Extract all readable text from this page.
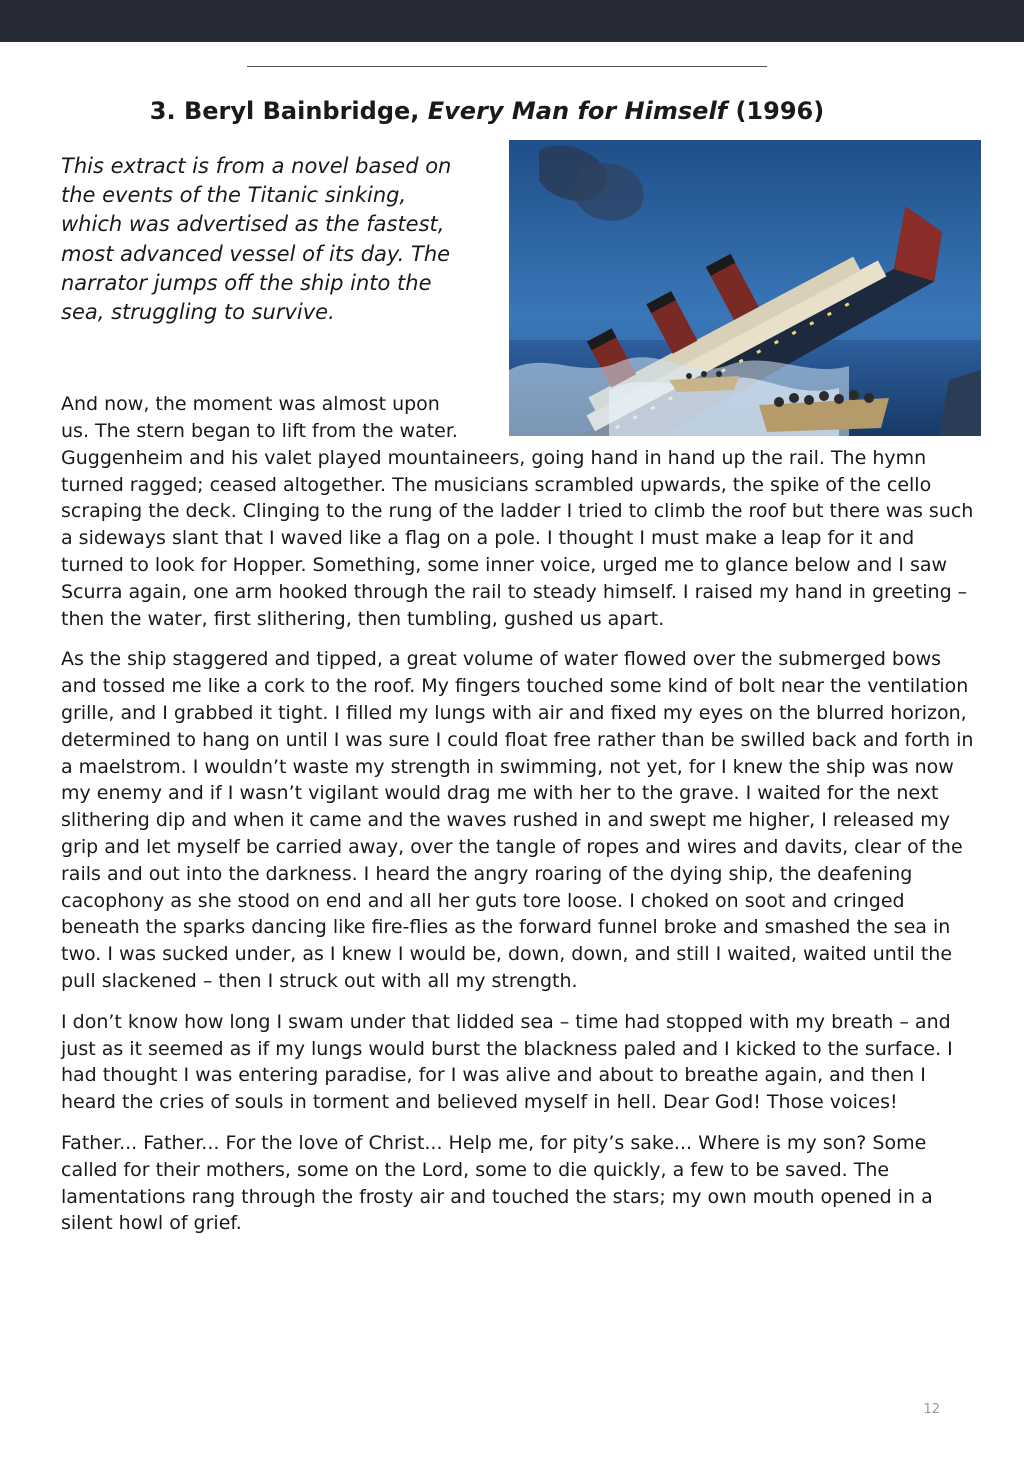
3. Beryl Bainbridge, Every Man for Himself (1996)

This extract is from a novel based on the events of the Titanic sinking, which was advertised as the fastest, most advanced vessel of its day. The narrator jumps off the ship into the sea, struggling to survive.

And now, the moment was almost upon us. The stern began to lift from the water. Guggenheim and his valet played mountaineers, going hand in hand up the rail. The hymn turned ragged; ceased altogether. The musicians scrambled upwards, the spike of the cello scraping the deck. Clinging to the rung of the ladder I tried to climb the roof but there was such a sideways slant that I waved like a flag on a pole. I thought I must make a leap for it and turned to look for Hopper. Something, some inner voice, urged me to glance below and I saw Scurra again, one arm hooked through the rail to steady himself. I raised my hand in greeting – then the water, first slithering, then tumbling, gushed us apart.

As the ship staggered and tipped, a great volume of water flowed over the submerged bows and tossed me like a cork to the roof. My fingers touched some kind of bolt near the ventilation grille, and I grabbed it tight. I filled my lungs with air and fixed my eyes on the blurred horizon, determined to hang on until I was sure I could float free rather than be swilled back and forth in a maelstrom. I wouldn’t waste my strength in swimming, not yet, for I knew the ship was now my enemy and if I wasn’t vigilant would drag me with her to the grave. I waited for the next slithering dip and when it came and the waves rushed in and swept me higher, I released my grip and let myself be carried away, over the tangle of ropes and wires and davits, clear of the rails and out into the darkness. I heard the angry roaring of the dying ship, the deafening cacophony as she stood on end and all her guts tore loose. I choked on soot and cringed beneath the sparks dancing like fire-flies as the forward funnel broke and smashed the sea in two. I was sucked under, as I knew I would be, down, down, and still I waited, waited until the pull slackened – then I struck out with all my strength.

I don’t know how long I swam under that lidded sea – time had stopped with my breath – and just as it seemed as if my lungs would burst the blackness paled and I kicked to the surface. I had thought I was entering paradise, for I was alive and about to breathe again, and then I heard the cries of souls in torment and believed myself in hell. Dear God! Those voices!

Father... Father... For the love of Christ... Help me, for pity’s sake... Where is my son? Some called for their mothers, some on the Lord, some to die quickly, a few to be saved. The lamentations rang through the frosty air and touched the stars; my own mouth opened in a silent howl of grief.

12
